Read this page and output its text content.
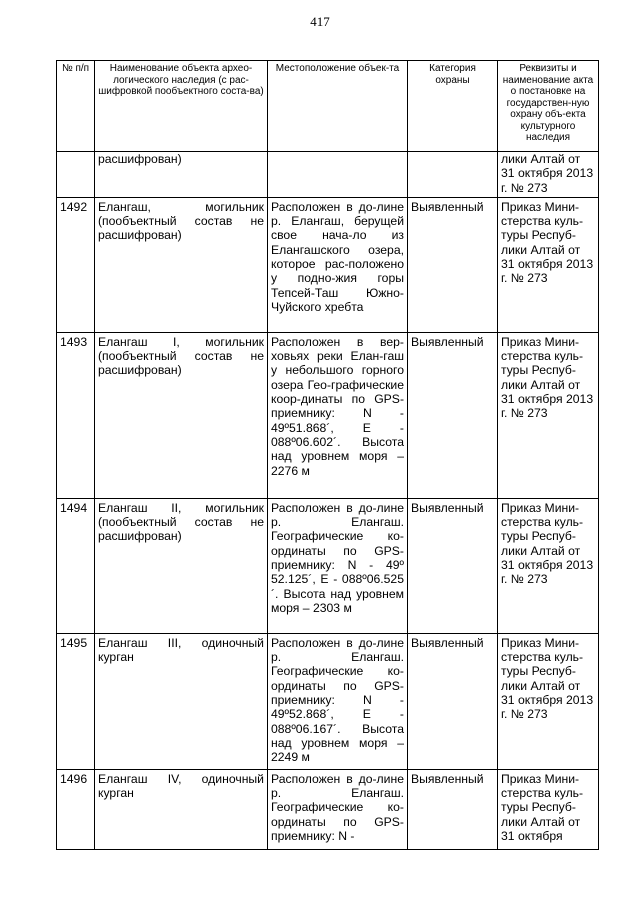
417
№ п/п	Наименование объекта архео-логического наследия (с рас-шифровкой пообъектного соста-ва)	Местоположение объек-та	Категория охраны	Реквизиты и наименование акта о постановке на государствен-ную охрану объ-екта культурного наследия
	расшифрован)			лики Алтай от 31 октября 2013 г. № 273
1492	Елангаш, могильник (пообъектный состав не расшифрован)	Расположен в до-лине р. Елангаш, берущей свое нача-ло из Елангашского озера, которое рас-положено у подно-жия горы Тепсей-Таш Южно-Чуйского хребта	Выявленный	Приказ Мини-стерства куль-туры Респуб-лики Алтай от 31 октября 2013 г. № 273
1493	Елангаш I, могильник (пообъектный состав не расшифрован)	Расположен в вер-ховьях реки Елан-гаш у небольшого горного озера Гео-графические коор-динаты по GPS-приемнику: N - 49º51.868´, E - 088º06.602´. Высота над уровнем моря – 2276 м	Выявленный	Приказ Мини-стерства куль-туры Респуб-лики Алтай от 31 октября 2013 г. № 273
1494	Елангаш II, могильник (пообъектный состав не расшифрован)	Расположен в до-лине р. Елангаш. Географические ко-ординаты по GPS-приемнику: N - 49º 52.125´, E - 088º06.525´. Высота над уровнем моря – 2303 м	Выявленный	Приказ Мини-стерства куль-туры Респуб-лики Алтай от 31 октября 2013 г. № 273
1495	Елангаш III, одиночный курган	Расположен в до-лине р. Елангаш. Географические ко-ординаты по GPS-приемнику: N - 49º52.868´, E - 088º06.167´. Высота над уровнем моря – 2249 м	Выявленный	Приказ Мини-стерства куль-туры Респуб-лики Алтай от 31 октября 2013 г. № 273
1496	Елангаш IV, одиночный курган	Расположен в до-лине р. Елангаш. Географические ко-ординаты по GPS-приемнику: N -	Выявленный	Приказ Мини-стерства куль-туры Респуб-лики Алтай от 31 октября
